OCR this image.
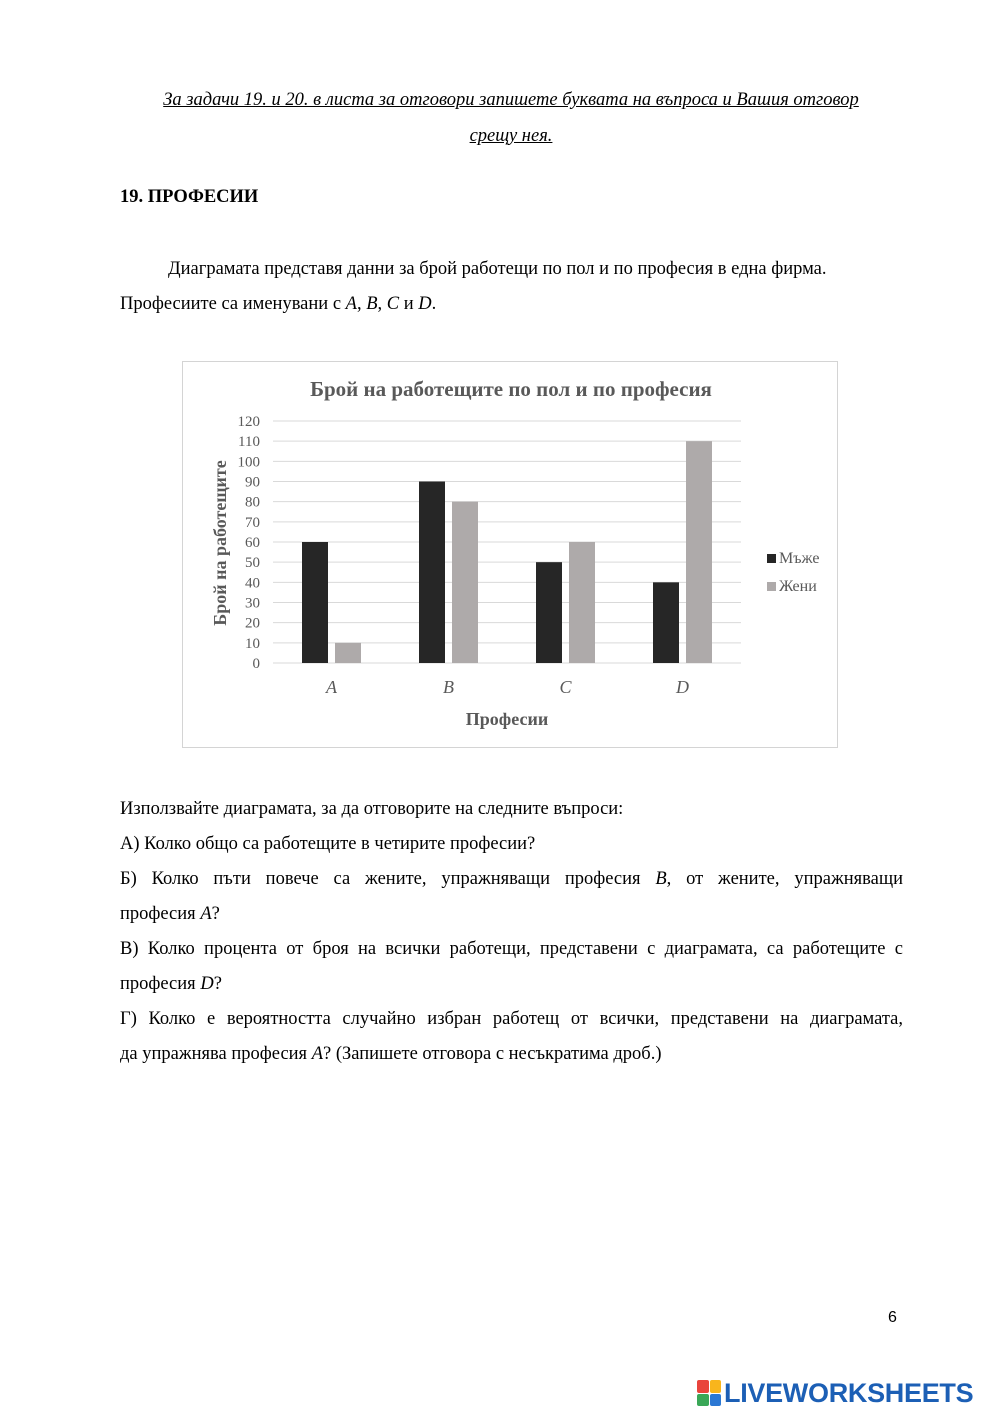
За задачи 19. и 20. в листа за отговори запишете буквата на въпроса и Вашия отговор
срещу нея.
19. ПРОФЕСИИ
Диаграмата представя данни за брой работещи по пол и по професия в една фирма.
Професиите са именувани с A, B, C и D.
Брой на работещите по пол и по професия
0
10
20
30
40
50
60
70
80
90
100
110
120
A	B	C	D
Брой на работещите
Професии
Мъже
Жени
Използвайте диаграмата, за да отговорите на следните въпроси:
А) Колко общо са работещите в четирите професии?
Б) Колко пъти повече са жените, упражняващи професия B, от жените, упражняващи
професия A?
В) Колко процента от броя на всички работещи, представени с диаграмата, са работещите с
професия D?
Г) Колко е вероятността случайно избран работещ от всички, представени на диаграмата,
да упражнява професия A? (Запишете отговора с несъкратима дроб.)
6
LIVEWORKSHEETS
